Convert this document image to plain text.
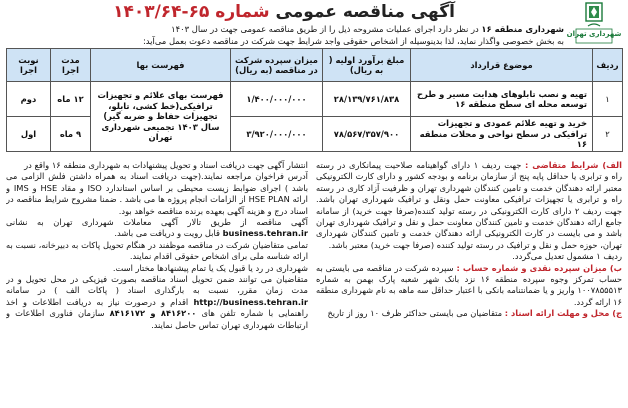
شهرداری تهران
آگهی مناقصه عمومی شماره ۶۵-۱۴۰۳/۶۴
شهرداری منطقه ۱۶ در نظر دارد اجرای عملیات مشروحه ذیل را از طریق مناقصه عمومی جهت در سال ۱۴۰۳
به بخش خصوصی واگذار نماید، لذا بدینوسیله از اشخاص حقوقی واجد شرایط جهت شرکت در مناقصه دعوت بعمل می‌آید:
ردیف	موضوع قرارداد	مبلغ برآورد اولیه ( به ریال)	میزان سپرده شرکت در مناقصه (به ریال)	فهرست بها	مدت اجرا	نوبت اجرا
۱	تهیه و نصب تابلوهای هدایت مسیر و طرح توسعه محله ای سطح منطقه ۱۶	۲۸/۱۳۹/۷۶۱/۸۳۸	۱/۴۰۰/۰۰۰/۰۰۰	فهرست بهای علائم و تجهیزات ترافیکی(خط کشی، تابلو، تجهیزات حفاظ و ضربه گیر) سال ۱۴۰۳ تجمیعی شهرداری تهران	۱۲ ماه	دوم
۲	خرید و تهیه علائم عمودی و تجهیزات ترافیکی در سطح نواحی و محلات منطقه ۱۶	۷۸/۵۶۷/۳۵۷/۹۰۰	۳/۹۲۰/۰۰۰/۰۰۰		۹ ماه	اول

الف) شرایط متقاضی : جهت ردیف ۱ دارای گواهینامه صلاحیت پیمانکاری در رسته راه و ترابری یا حداقل پایه پنج از سازمان برنامه و بودجه کشور و دارای کارت الکترونیکی معتبر ارائه دهندگان خدمت و تامین کنندگان شهرداری تهران و ظرفیت آزاد کاری در رسته راه و ترابری یا تجهیزات ترافیکی معاونت حمل ونقل و ترافیک شهرداری تهران باشد. جهت ردیف ۲ دارای کارت الکترونیکی در رسته تولید کننده(صرفا جهت خرید) از سامانه جامع ارائه دهندگان خدمت و تامین کنندگان معاونت حمل و نقل و ترافیک شهرداری تهران باشد و می بایست در کارت الکترونیکی ارائه دهندگان خدمت و تامین کنندگان شهرداری تهران، حوزه حمل و نقل و ترافیک در رسته تولید کننده (صرفا جهت خرید) معتبر باشد.

ردیف ۱ مشمول تعدیل می‌گردد.

ب) میزان سپرده نقدی و شماره حساب : سپرده شرکت در مناقصه می بایستی به حساب تمرکز وجوه سپرده منطقه ۱۶ نزد بانک شهر شعبه پارک بهمن به شماره ۱۰۰۷۸۵۵۵۱۳ واریز و یا ضمانتنامه بانکی با اعتبار حداقل سه ماهه به نام شهرداری منطقه ۱۶ ارائه گردد.

ج) محل و مهلت ارائه اسناد : متقاضیان می بایستی حداکثر ظرف ۱۰ روز از تاریخ

انتشار آگهی جهت دریافت اسناد و تحویل پیشنهادات به شهرداری منطقه ۱۶ واقع در

آدرس فراخوان مراجعه نمایند.(جهت دریافت اسناد به همراه داشتن فلش الزامی می باشد ) اجرای ضوابط زیست محیطی بر اساس استاندارد ISO و مقاد HSE و IMS و ارائه HSE PLAN از الزامات انجام پروژه ها می باشد . ضمنا مشروح شرایط مناقصه در اسناد درج و هزینه آگهی بعهده برنده مناقصه خواهد بود.

آگهی مناقصه از طریق تالار آگهی معاملات شهرداری تهران به نشانی business.tehran.ir قابل رویت و دریافت می باشد.

تمامی متقاضیان شرکت در مناقصه موظفند در هنگام تحویل پاکات به دبیرخانه، نسبت به ارائه شناسه ملی برای اشخاص حقوقی اقدام نمایند.

شهرداری در رد یا قبول یک یا تمام پیشنهادها مختار است.

متقاضیان می توانند ضمن تحویل اسناد مناقصه بصورت فیزیکی در محل تحویل و در مدت زمان مقرر، نسبت به بارگذاری اسناد ( پاکات الف ) در سامانه http://business.tehran.ir اقدام و درصورت نیاز به دریافت اطلاعات و اخذ راهنمایی با شماره تلفن های ۸۴۱۶۲۰۰ و ۸۴۱۶۱۷۲ سازمان فناوری اطلاعات و ارتباطات شهرداری تهران تماس حاصل نمایند.
